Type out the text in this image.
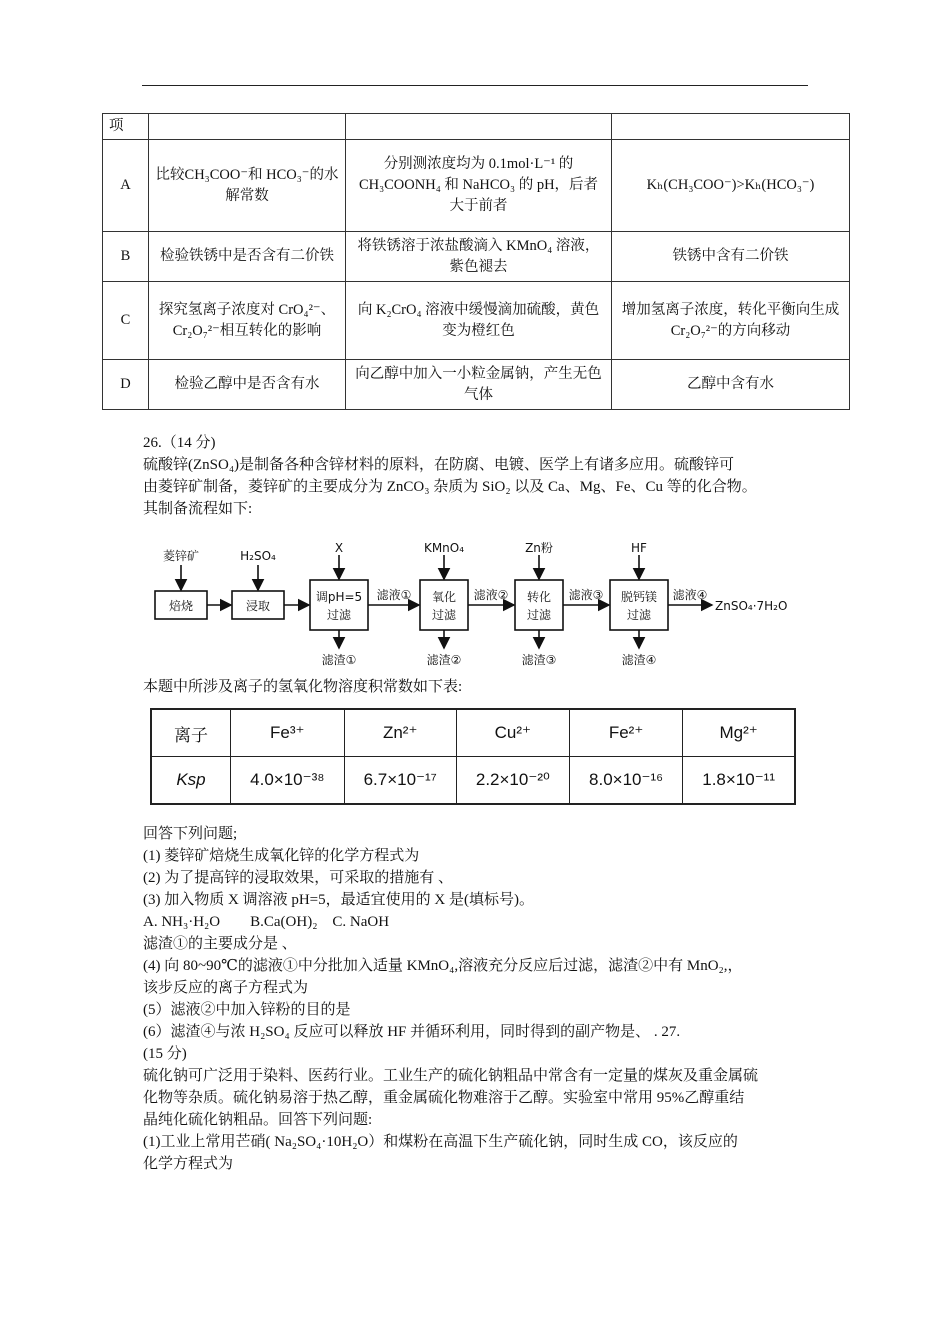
项			
A	比较CH₃COO⁻和 HCO₃⁻的水解常数	分别测浓度均为 0.1mol·L⁻¹ 的 CH₃COONH₄ 和 NaHCO₃ 的 pH，后者大于前者	Kₕ(CH₃COO⁻)>Kₕ(HCO₃⁻)
B	检验铁锈中是否含有二价铁	将铁锈溶于浓盐酸滴入 KMnO₄ 溶液，紫色褪去	铁锈中含有二价铁
C	探究氢离子浓度对 CrO₄²⁻、Cr₂O₇²⁻相互转化的影响	向 K₂CrO₄ 溶液中缓慢滴加硫酸，黄色变为橙红色	增加氢离子浓度，转化平衡向生成 Cr₂O₇²⁻的方向移动
D	检验乙醇中是否含有水	向乙醇中加入一小粒金属钠，产生无色气体	乙醇中含有水

26.（14 分)

硫酸锌(ZnSO₄)是制备各种含锌材料的原料，在防腐、电镀、医学上有诸多应用。硫酸锌可

由菱锌矿制备，菱锌矿的主要成分为 ZnCO₃ 杂质为 SiO₂ 以及 Ca、Mg、Fe、Cu 等的化合物。

其制备流程如下:

菱锌矿	H₂SO₄
X	KMnO₄	Zn粉	HF
焙烧	浸取
调pH=5
过滤
氧化
过滤
转化
过滤
脱钙镁
过滤
滤液①	滤液②	滤液③	滤液④
ZnSO₄·7H₂O
滤渣①	滤渣②	滤渣③	滤渣④

本题中所涉及离子的氢氧化物溶度积常数如下表:

离子	Fe³⁺	Zn²⁺	Cu²⁺	Fe²⁺	Mg²⁺
Ksp	4.0×10⁻³⁸	6.7×10⁻¹⁷	2.2×10⁻²⁰	8.0×10⁻¹⁶	1.8×10⁻¹¹

回答下列问题;

(1) 菱锌矿焙烧生成氧化锌的化学方程式为

(2) 为了提高锌的浸取效果，可采取的措施有 、

(3) 加入物质 X 调溶液 pH=5，最适宜使用的 X 是(填标号)。

A. NH₃·H₂O　　B.Ca(OH)₂　C. NaOH

滤渣①的主要成分是 、

(4) 向 80~90℃的滤液①中分批加入适量 KMnO₄,溶液充分反应后过滤，滤渣②中有 MnO₂,，

该步反应的离子方程式为

(5）滤液②中加入锌粉的目的是

(6）滤渣④与浓 H₂SO₄ 反应可以释放 HF 并循环利用，同时得到的副产物是、 . 27.

(15 分)

硫化钠可广泛用于染料、医药行业。工业生产的硫化钠粗品中常含有一定量的煤灰及重金属硫

化物等杂质。硫化钠易溶于热乙醇，重金属硫化物难溶于乙醇。实验室中常用 95%乙醇重结

晶纯化硫化钠粗品。回答下列问题:

(1)工业上常用芒硝( Na₂SO₄·10H₂O）和煤粉在高温下生产硫化钠，同时生成 CO，该反应的

化学方程式为
